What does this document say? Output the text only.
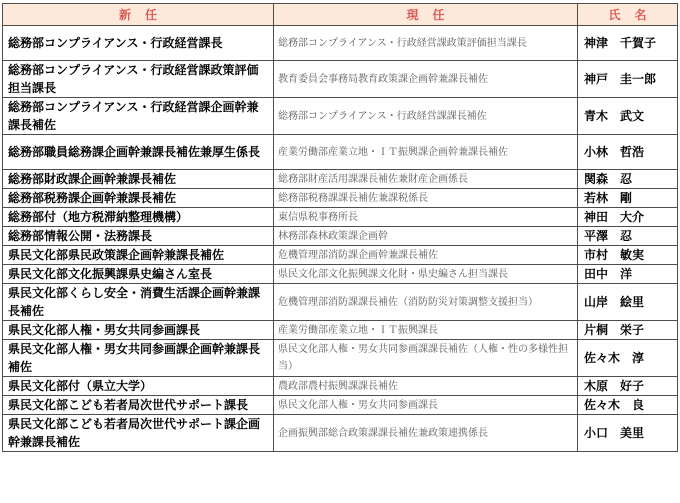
新任	現任	氏名
総務部コンプライアンス・行政経営課長	総務部コンプライアンス・行政経営課政策評価担当課長	神津　千賀子
総務部コンプライアンス・行政経営課政策評価担当課長	教育委員会事務局教育政策課企画幹兼課長補佐	神戸　圭一郎
総務部コンプライアンス・行政経営課企画幹兼課長補佐	総務部コンプライアンス・行政経営課課長補佐	青木　武文
総務部職員総務課企画幹兼課長補佐兼厚生係長	産業労働部産業立地・ＩＴ振興課企画幹兼課長補佐	小林　哲浩
総務部財政課企画幹兼課長補佐	総務部財産活用課課長補佐兼財産企画係長	関森　忍
総務部税務課企画幹兼課長補佐	総務部税務課課長補佐兼課税係長	若林　剛
総務部付（地方税滞納整理機構）	東信県税事務所長	神田　大介
総務部情報公開・法務課長	林務部森林政策課企画幹	平澤　忍
県民文化部県民政策課企画幹兼課長補佐	危機管理部消防課企画幹兼課長補佐	市村　敏実
県民文化部文化振興課県史編さん室長	県民文化部文化振興課文化財・県史編さん担当課長	田中　洋
県民文化部くらし安全・消費生活課企画幹兼課長補佐	危機管理部消防課課長補佐（消防防災対策調整支援担当）	山岸　絵里
県民文化部人権・男女共同参画課長	産業労働部産業立地・ＩＴ振興課長	片桐　栄子
県民文化部人権・男女共同参画課企画幹兼課長補佐	県民文化部人権・男女共同参画課課長補佐（人権・性の多様性担当）	佐々木　淳
県民文化部付（県立大学）	農政部農村振興課課長補佐	木原　好子
県民文化部こども若者局次世代サポート課長	県民文化部人権・男女共同参画課長	佐々木　良
県民文化部こども若者局次世代サポート課企画幹兼課長補佐	企画振興部総合政策課課長補佐兼政策連携係長	小口　美里
